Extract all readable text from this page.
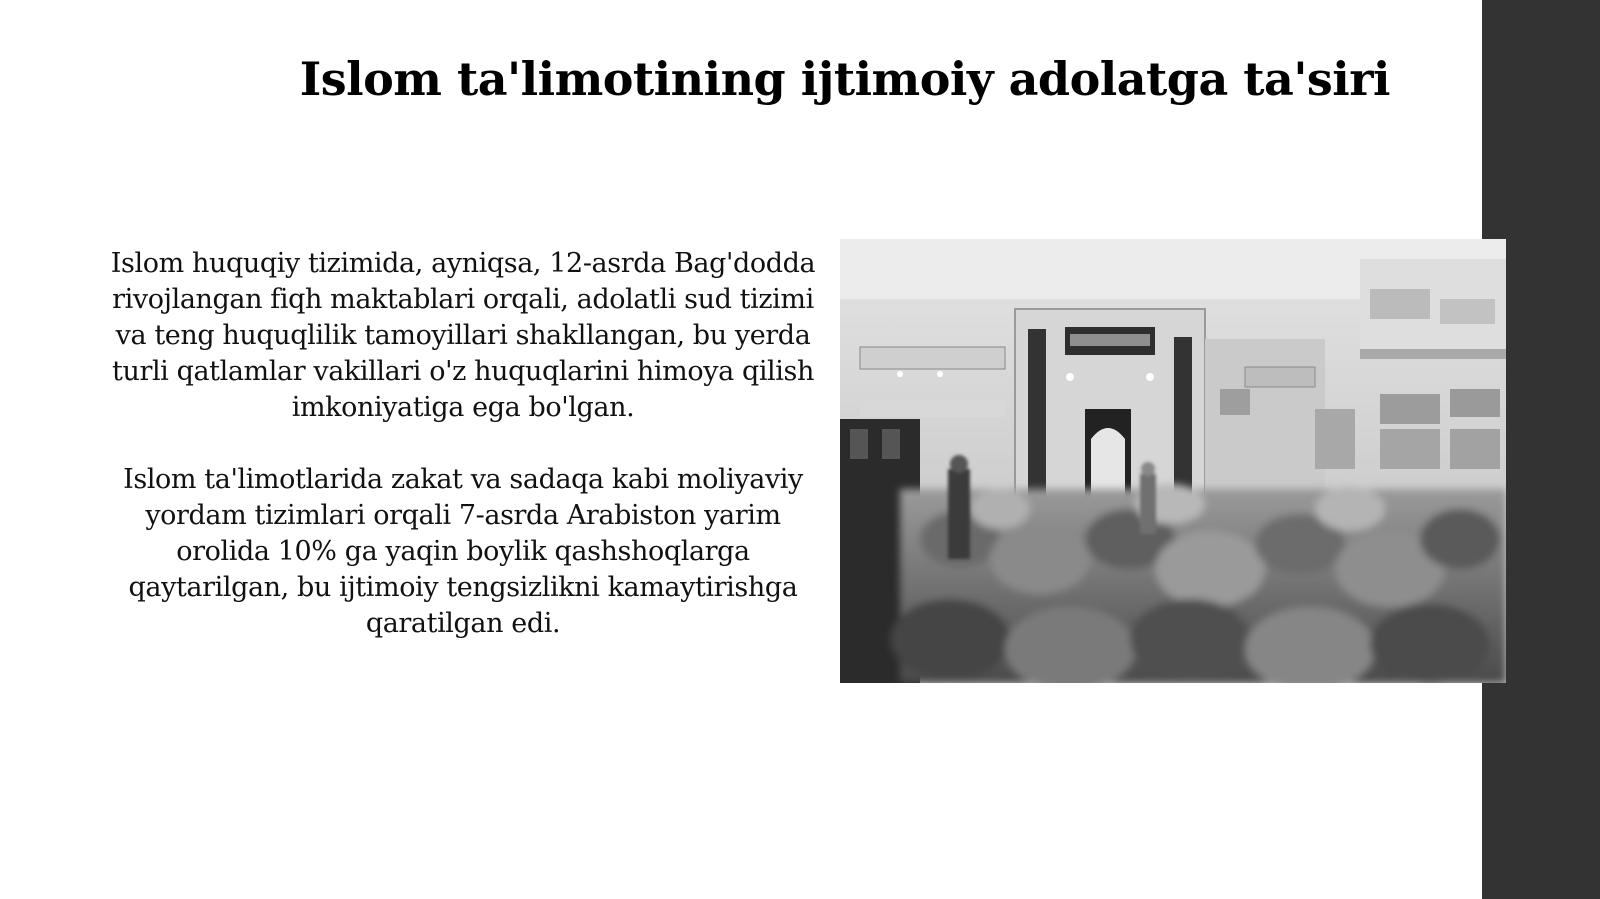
Islom ta'limotining ijtimoiy adolatga ta'siri

Islom huquqiy tizimida, ayniqsa, 12-asrda Bag'dodda rivojlangan fiqh maktablari orqali, adolatli sud tizimi va teng huquqlilik tamoyillari shakllangan, bu yerda turli qatlamlar vakillari o'z huquqlarini himoya qilish imkoniyatiga ega bo'lgan.

Islom ta'limotlarida zakat va sadaqa kabi moliyaviy yordam tizimlari orqali 7-asrda Arabiston yarim orolida 10% ga yaqin boylik qashshoqlarga qaytarilgan, bu ijtimoiy tengsizlikni kamaytirishga qaratilgan edi.
